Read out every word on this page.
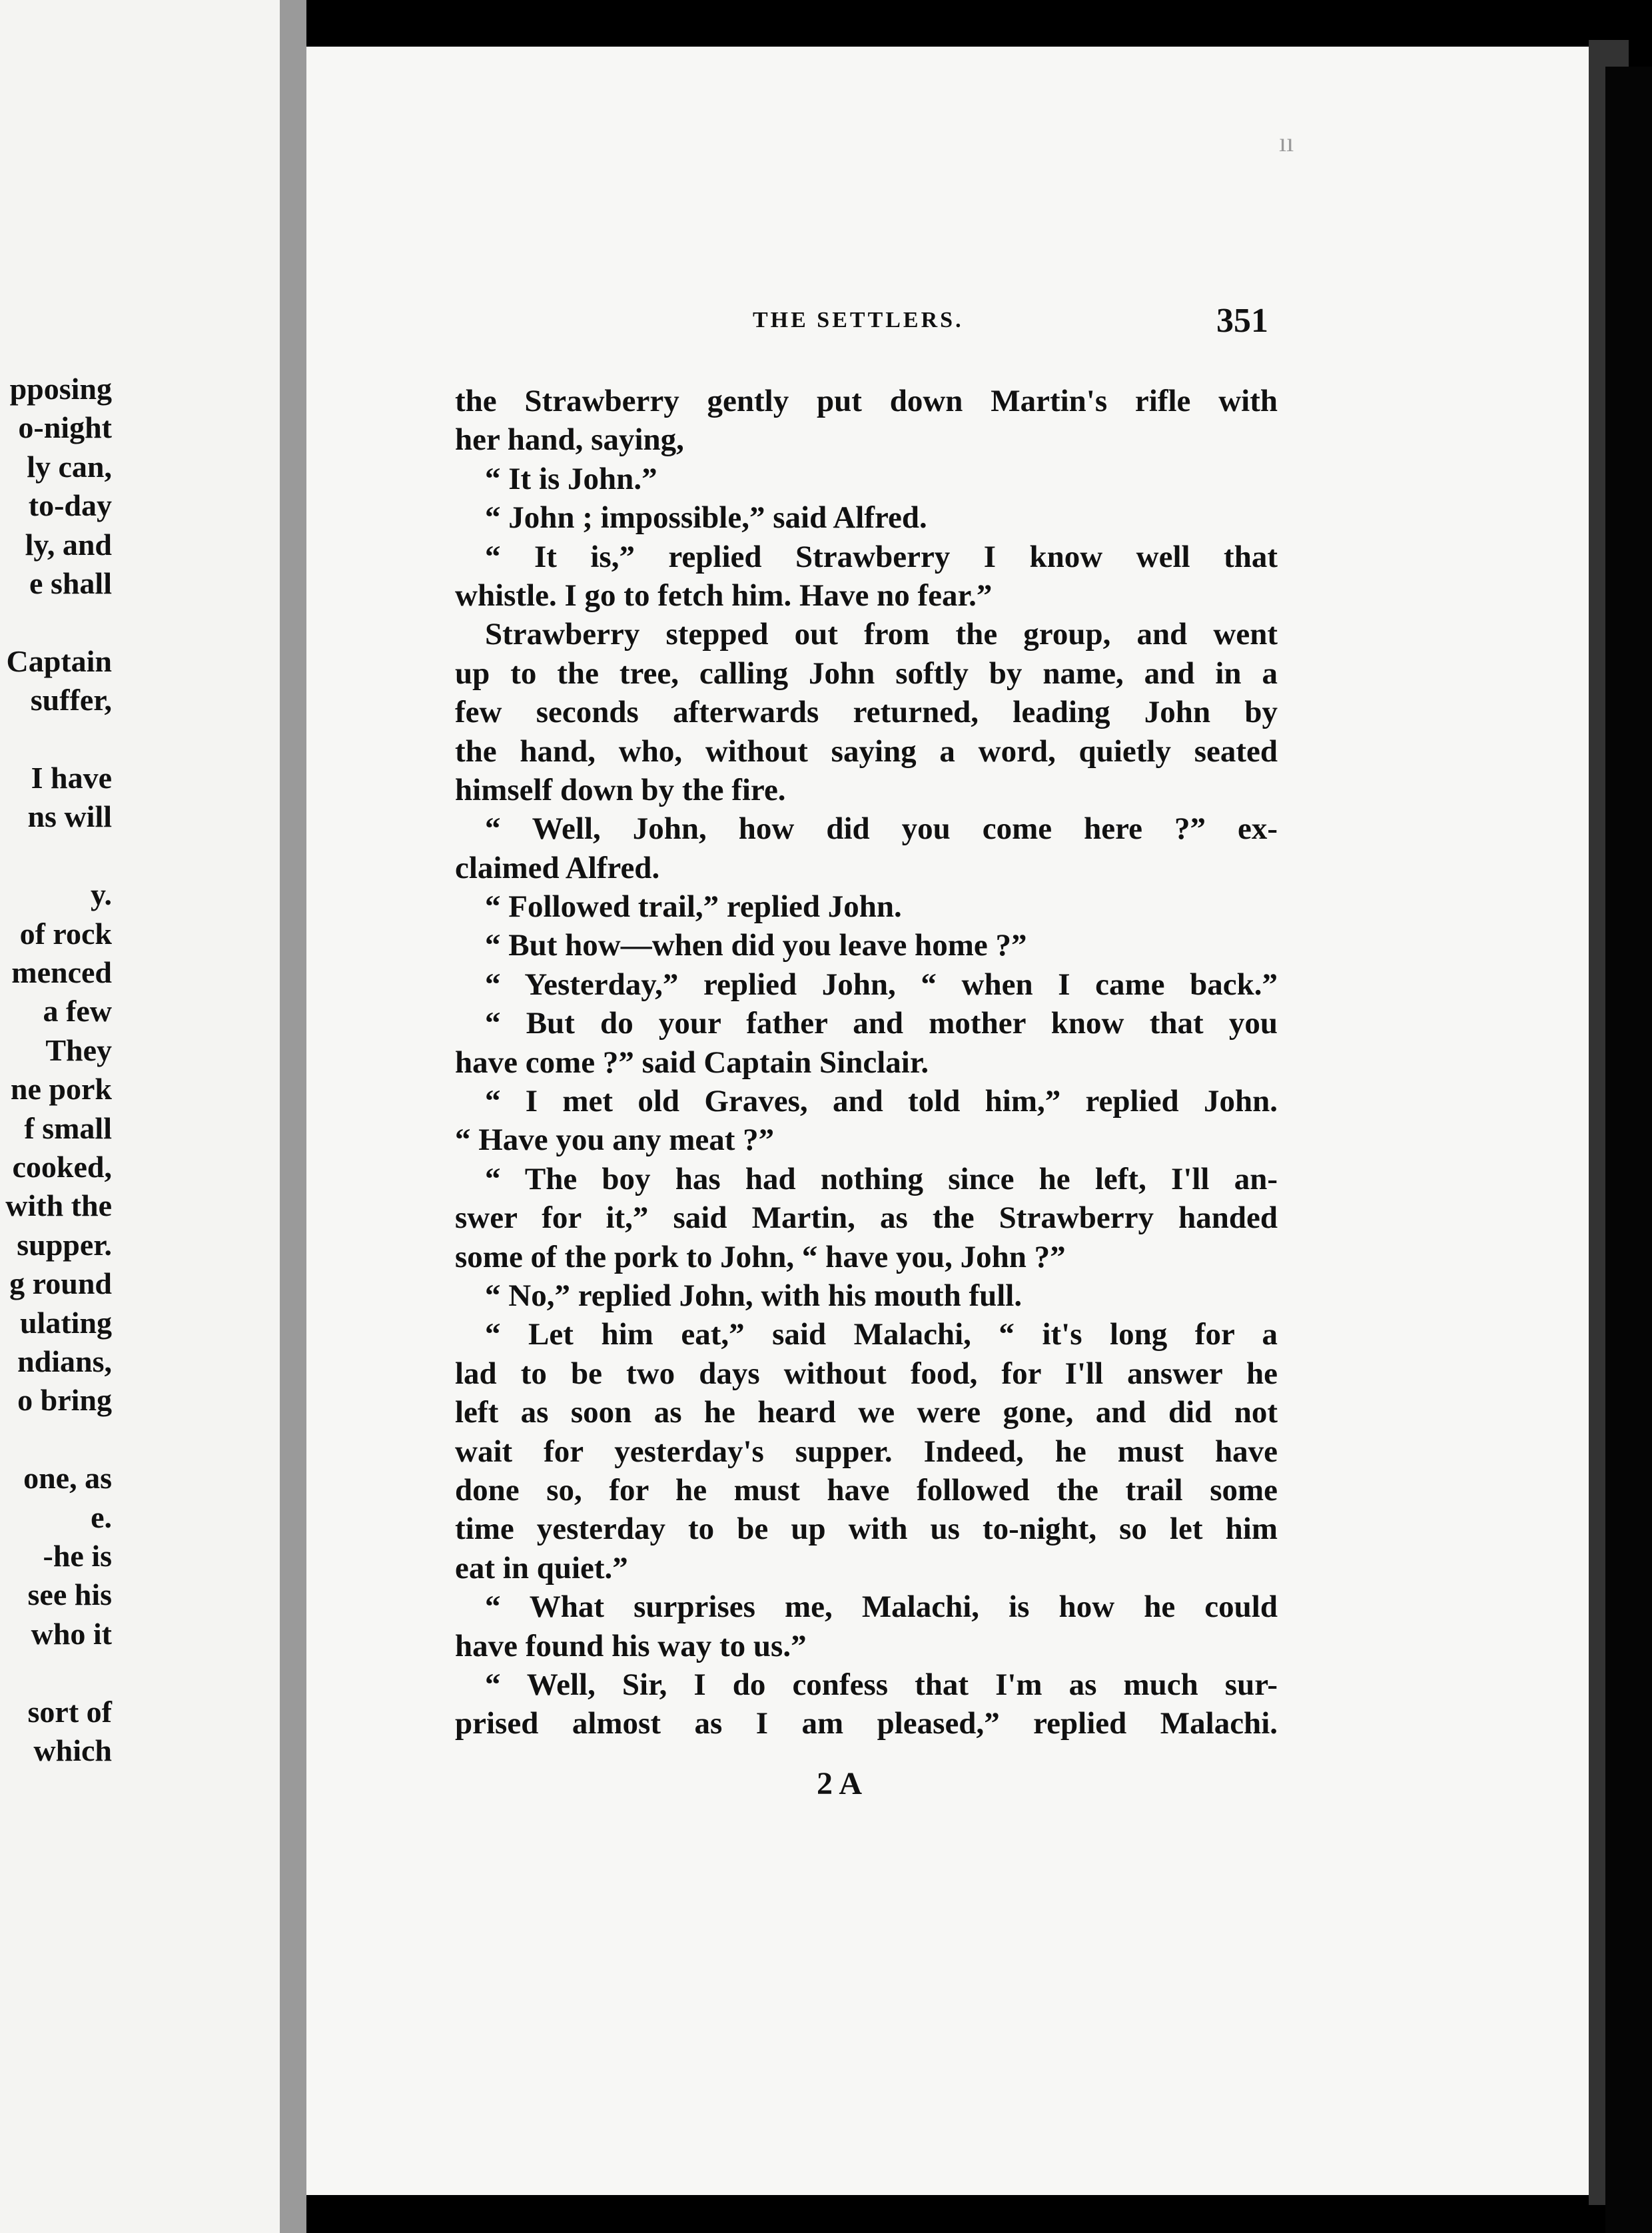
pposing
o-night
ly can,
to-day
ly, and
e shall
Captain
suffer,
I have
ns will
y.
of rock
menced
a few
They
ne pork
f small
cooked,
with the
supper.
g round
ulating
ndians,
o bring
one, as
e.
-he is
see his
who it
sort of
which
ıı
THE SETTLERS.	351
the Strawberry gently put down Martin's rifle with
her hand, saying,
“ It is John.”
“ John ; impossible,” said Alfred.
“ It is,” replied Strawberry I know well that
whistle. I go to fetch him. Have no fear.”
Strawberry stepped out from the group, and went
up to the tree, calling John softly by name, and in a
few seconds afterwards returned, leading John by
the hand, who, without saying a word, quietly seated
himself down by the fire.
“ Well, John, how did you come here ?” ex-
claimed Alfred.
“ Followed trail,” replied John.
“ But how—when did you leave home ?”
“ Yesterday,” replied John, “ when I came back.”
“ But do your father and mother know that you
have come ?” said Captain Sinclair.
“ I met old Graves, and told him,” replied John.
“ Have you any meat ?”
“ The boy has had nothing since he left, I'll an-
swer for it,” said Martin, as the Strawberry handed
some of the pork to John, “ have you, John ?”
“ No,” replied John, with his mouth full.
“ Let him eat,” said Malachi, “ it's long for a
lad to be two days without food, for I'll answer he
left as soon as he heard we were gone, and did not
wait for yesterday's supper. Indeed, he must have
done so, for he must have followed the trail some
time yesterday to be up with us to-night, so let him
eat in quiet.”
“ What surprises me, Malachi, is how he could
have found his way to us.”
“ Well, Sir, I do confess that I'm as much sur-
prised almost as I am pleased,” replied Malachi.
2 A
